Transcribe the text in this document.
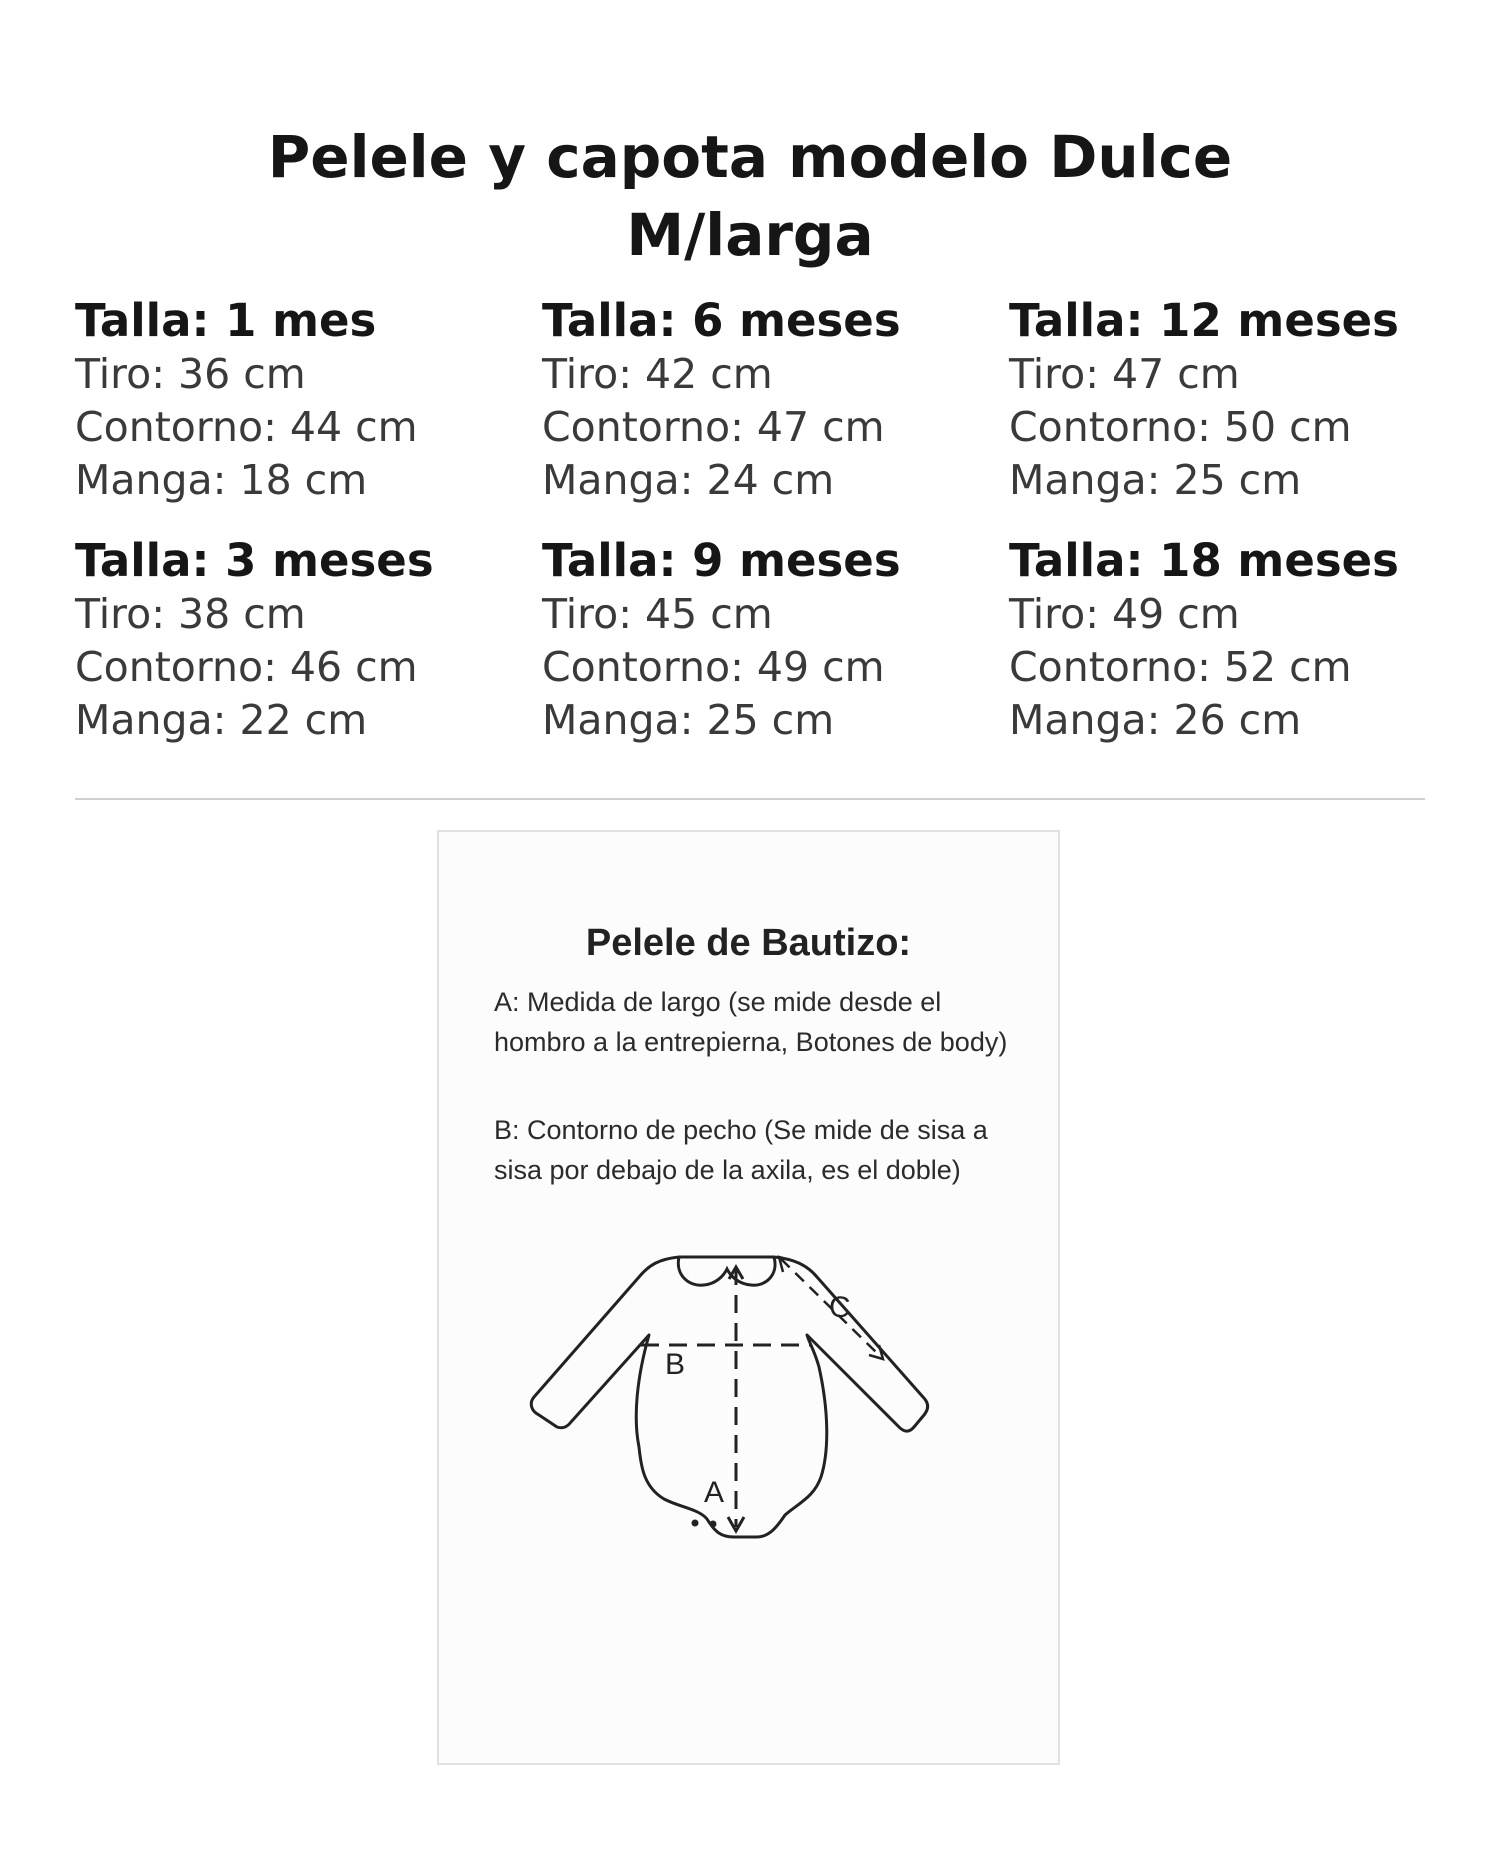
Pelele y capota modelo Dulce
M/larga
Talla: 1 mes
Tiro: 36 cm
Contorno: 44 cm
Manga: 18 cm
Talla: 6 meses
Tiro: 42 cm
Contorno: 47 cm
Manga: 24 cm
Talla: 12 meses
Tiro: 47 cm
Contorno: 50 cm
Manga: 25 cm
Talla: 3 meses
Tiro: 38 cm
Contorno: 46 cm
Manga: 22 cm
Talla: 9 meses
Tiro: 45 cm
Contorno: 49 cm
Manga: 25 cm
Talla: 18 meses
Tiro: 49 cm
Contorno: 52 cm
Manga: 26 cm
Pelele de Bautizo:
A: Medida de largo (se mide desde el hombro a la entrepierna, Botones de body)
B: Contorno de pecho (Se mide de sisa a sisa por debajo de la axila, es el doble)
B
A
C
